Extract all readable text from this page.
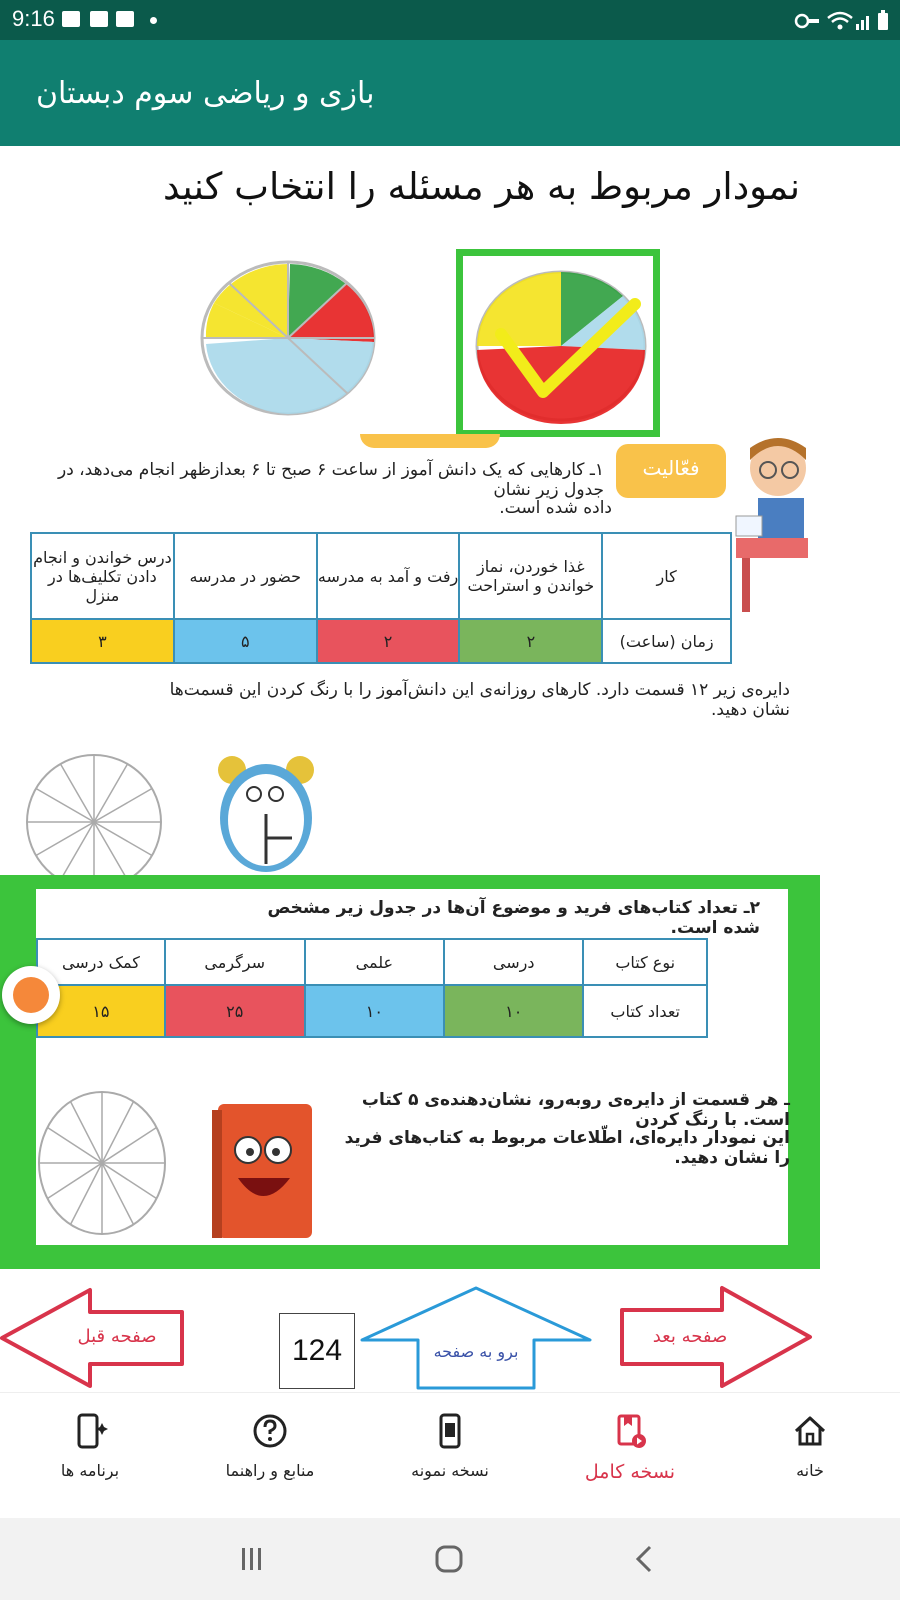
9:16
بازی و ریاضی سوم دبستان
نمودار مربوط به هر مسئله را انتخاب کنید
فعّالیت
۱ـ کارهایی که یک دانش آموز از ساعت ۶ صبح تا ۶ بعدازظهر انجام می‌دهد، در جدول زیر نشان
داده شده است.
کار	غذا خوردن، نماز خواندن و استراحت	رفت و آمد به مدرسه	حضور در مدرسه	درس خواندن و انجام دادن تکلیف‌ها در منزل
زمان (ساعت)	۲	۲	۵	۳
دایره‌ی زیر ۱۲ قسمت دارد. کارهای روزانه‌ی این دانش‌آموز را با رنگ کردن این قسمت‌ها نشان دهید.
۲ـ تعداد کتاب‌های فرید و موضوع آن‌ها در جدول زیر مشخص شده است.
نوع کتاب	درسی	علمی	سرگرمی	کمک درسی
تعداد کتاب	۱۰	۱۰	۲۵	۱۵
ـ هر قسمت از دایره‌ی روبه‌رو، نشان‌دهنده‌ی ۵ کتاب است. با رنگ کردن
این نمودار دایره‌ای، اطّلاعات مربوط به کتاب‌های فرید را نشان دهید.
صفحه قبل	124	برو به صفحه
صفحه بعد
خانه
نسخه کامل
نسخه نمونه
منابع و راهنما
برنامه ها
